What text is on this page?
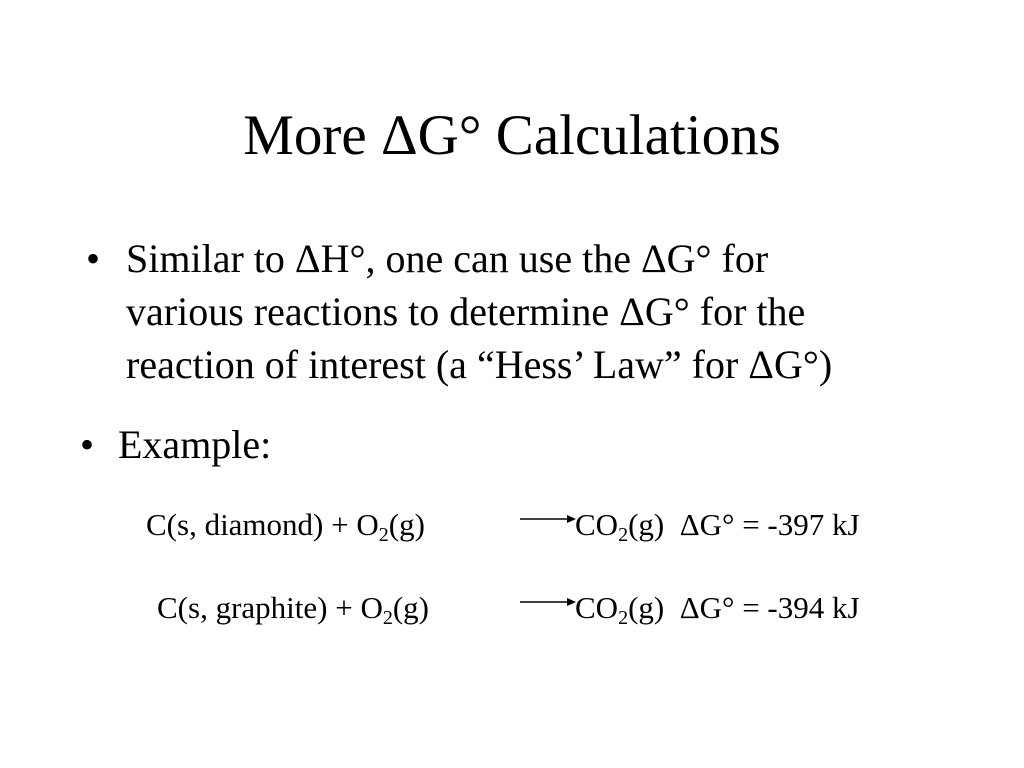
More ΔG° Calculations
• Similar to ΔH°, one can use the ΔG° for
various reactions to determine ΔG° for the
reaction of interest (a “Hess’ Law” for ΔG°)
• Example:
C(s, diamond) + $O_2(g)$	$CO_2(g) \Delta G^\circ = -397$ kJ
C(s, graphite) + $O_2(g)$	$CO_2(g) \Delta G^\circ = -394$ kJ
